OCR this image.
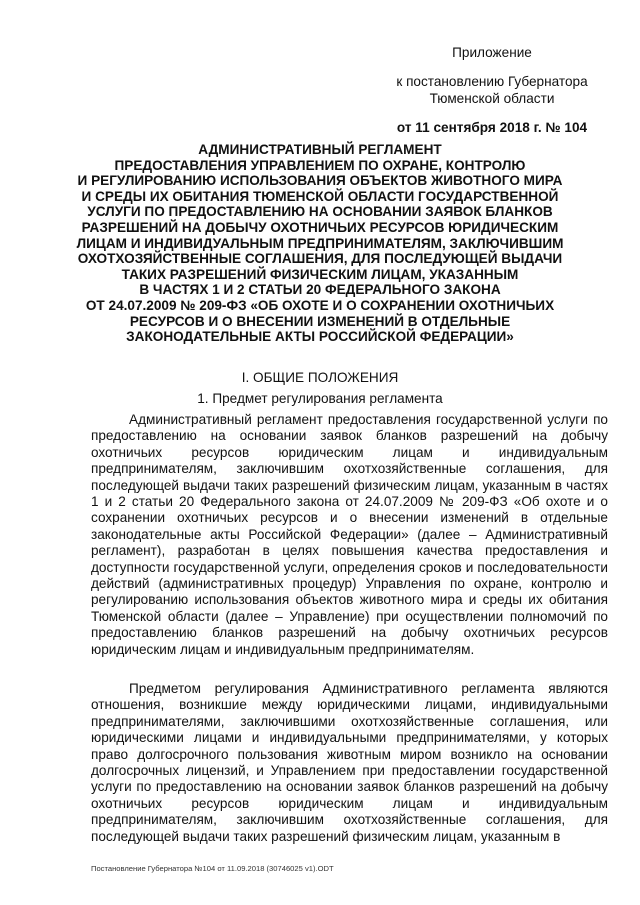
Приложение
к постановлению Губернатора
Тюменской области
от 11 сентября 2018 г. № 104
АДМИНИСТРАТИВНЫЙ РЕГЛАМЕНТ
ПРЕДОСТАВЛЕНИЯ УПРАВЛЕНИЕМ ПО ОХРАНЕ, КОНТРОЛЮ
И РЕГУЛИРОВАНИЮ ИСПОЛЬЗОВАНИЯ ОБЪЕКТОВ ЖИВОТНОГО МИРА
И СРЕДЫ ИХ ОБИТАНИЯ ТЮМЕНСКОЙ ОБЛАСТИ ГОСУДАРСТВЕННОЙ
УСЛУГИ ПО ПРЕДОСТАВЛЕНИЮ НА ОСНОВАНИИ ЗАЯВОК БЛАНКОВ
РАЗРЕШЕНИЙ НА ДОБЫЧУ ОХОТНИЧЬИХ РЕСУРСОВ ЮРИДИЧЕСКИМ
ЛИЦАМ И ИНДИВИДУАЛЬНЫМ ПРЕДПРИНИМАТЕЛЯМ, ЗАКЛЮЧИВШИМ
ОХОТХОЗЯЙСТВЕННЫЕ СОГЛАШЕНИЯ, ДЛЯ ПОСЛЕДУЮЩЕЙ ВЫДАЧИ
ТАКИХ РАЗРЕШЕНИЙ ФИЗИЧЕСКИМ ЛИЦАМ, УКАЗАННЫМ
В ЧАСТЯХ 1 И 2 СТАТЬИ 20 ФЕДЕРАЛЬНОГО ЗАКОНА
ОТ 24.07.2009 № 209-ФЗ «ОБ ОХОТЕ И О СОХРАНЕНИИ ОХОТНИЧЬИХ
РЕСУРСОВ И О ВНЕСЕНИИ ИЗМЕНЕНИЙ В ОТДЕЛЬНЫЕ
ЗАКОНОДАТЕЛЬНЫЕ АКТЫ РОССИЙСКОЙ ФЕДЕРАЦИИ»
I. ОБЩИЕ ПОЛОЖЕНИЯ
1. Предмет регулирования регламента

Административный регламент предоставления государственной услуги по предоставлению на основании заявок бланков разрешений на добычу охотничьих ресурсов юридическим лицам и индивидуальным предпринимателям, заключившим охотхозяйственные соглашения, для последующей выдачи таких разрешений физическим лицам, указанным в частях 1 и 2 статьи 20 Федерального закона от 24.07.2009 № 209-ФЗ «Об охоте и о сохранении охотничьих ресурсов и о внесении изменений в отдельные законодательные акты Российской Федерации» (далее – Административный регламент), разработан в целях повышения качества предоставления и доступности государственной услуги, определения сроков и последовательности действий (административных процедур) Управления по охране, контролю и регулированию использования объектов животного мира и среды их обитания Тюменской области (далее – Управление) при осуществлении полномочий по предоставлению бланков разрешений на добычу охотничьих ресурсов юридическим лицам и индивидуальным предпринимателям.

Предметом регулирования Административного регламента являются отношения, возникшие между юридическими лицами, индивидуальными предпринимателями, заключившими охотхозяйственные соглашения, или юридическими лицами и индивидуальными предпринимателями, у которых право долгосрочного пользования животным миром возникло на основании долгосрочных лицензий, и Управлением при предоставлении государственной услуги по предоставлению на основании заявок бланков разрешений на добычу охотничьих ресурсов юридическим лицам и индивидуальным предпринимателям, заключившим охотхозяйственные соглашения, для последующей выдачи таких разрешений физическим лицам, указанным в

Постановление Губернатора №104 от 11.09.2018 (30746025 v1).ODT
